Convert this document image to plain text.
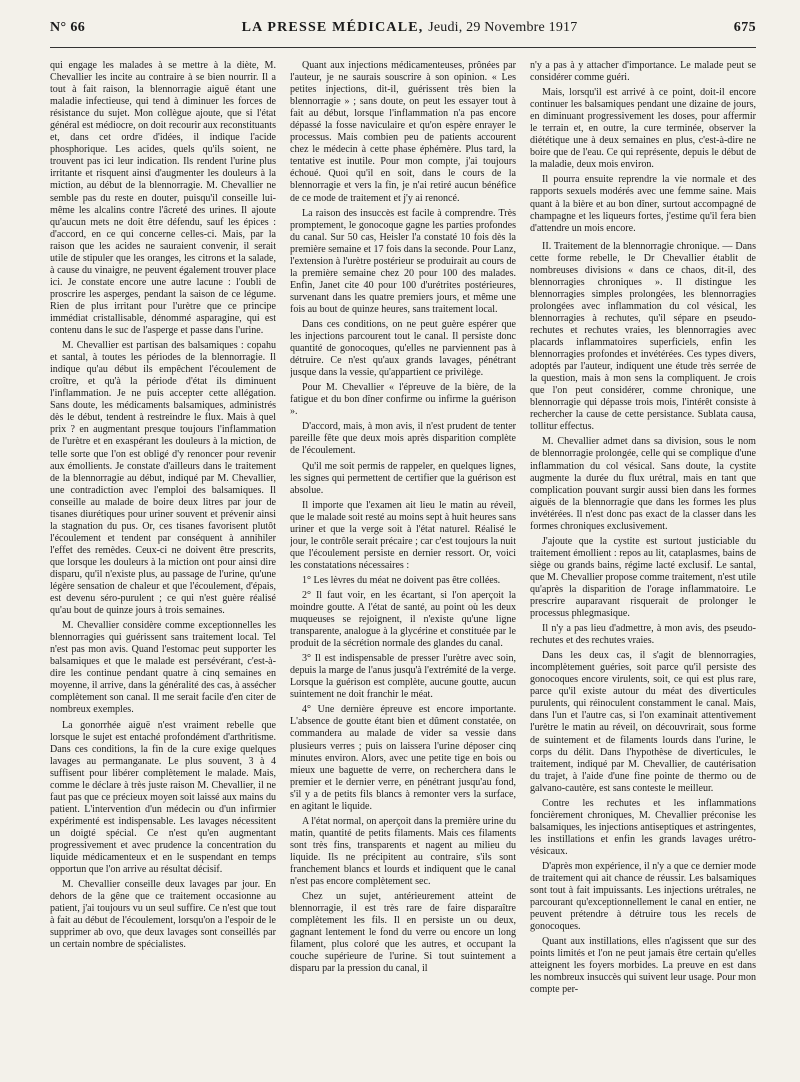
N° 66	LA PRESSE MÉDICALE, Jeudi, 29 Novembre 1917	675

qui engage les malades à se mettre à la diète, M. Chevallier les incite au contraire à se bien nourrir. Il a tout à fait raison, la blennorragie aiguë étant une maladie infectieuse, qui tend à diminuer les forces de résistance du sujet. Mon collègue ajoute, que si l'état général est médiocre, on doit recourir aux reconstituants et, dans cet ordre d'idées, il indique l'acide phosphorique. Les acides, quels qu'ils soient, ne trouvent pas ici leur indication. Ils rendent l'urine plus irritante et risquent ainsi d'augmenter les douleurs à la miction, au début de la blennorragie. M. Chevallier ne semble pas du reste en douter, puisqu'il conseille lui-même les alcalins contre l'âcreté des urines. Il ajoute qu'aucun mets ne doit être défendu, sauf les épices : d'accord, en ce qui concerne celles-ci. Mais, par la raison que les acides ne sauraient convenir, il serait utile de stipuler que les oranges, les citrons et la salade, à cause du vinaigre, ne peuvent également trouver place ici. Je constate encore une autre lacune : l'oubli de proscrire les asperges, pendant la saison de ce légume. Rien de plus irritant pour l'urètre que ce principe immédiat cristallisable, dénommé asparagine, qui est contenu dans le suc de l'asperge et passe dans l'urine.

M. Chevallier est partisan des balsamiques : copahu et santal, à toutes les périodes de la blennorragie. Il indique qu'au début ils empêchent l'écoulement de croître, et qu'à la période d'état ils diminuent l'inflammation. Je ne puis accepter cette allégation. Sans doute, les médicaments balsamiques, administrés dès le début, tendent à restreindre le flux. Mais à quel prix ? en augmentant presque toujours l'inflammation de l'urètre et en exaspérant les douleurs à la miction, de telle sorte que l'on est obligé d'y renoncer pour revenir aux émollients. Je constate d'ailleurs dans le traitement de la blennorragie au début, indiqué par M. Chevallier, une contradiction avec l'emploi des balsamiques. Il conseille au malade de boire deux litres par jour de tisanes diurétiques pour uriner souvent et prévenir ainsi la stagnation du pus. Or, ces tisanes favorisent plutôt l'écoulement et tendent par conséquent à annihiler l'effet des remèdes. Ceux-ci ne doivent être prescrits, que lorsque les douleurs à la miction ont pour ainsi dire disparu, qu'il n'existe plus, au passage de l'urine, qu'une légère sensation de chaleur et que l'écoulement, d'épais, est devenu séro-purulent ; ce qui n'est guère réalisé qu'au bout de quinze jours à trois semaines.

M. Chevallier considère comme exceptionnelles les blennorragies qui guérissent sans traitement local. Tel n'est pas mon avis. Quand l'estomac peut supporter les balsamiques et que le malade est persévérant, c'est-à-dire les continue pendant quatre à cinq semaines en moyenne, il arrive, dans la généralité des cas, à assécher complètement son canal. Il me serait facile d'en citer de nombreux exemples.

La gonorrhée aiguë n'est vraiment rebelle que lorsque le sujet est entaché profondément d'arthritisme. Dans ces conditions, la fin de la cure exige quelques lavages au permanganate. Le plus souvent, 3 à 4 suffisent pour libérer complètement le malade. Mais, comme le déclare à très juste raison M. Chevallier, il ne faut pas que ce précieux moyen soit laissé aux mains du patient. L'intervention d'un médecin ou d'un infirmier expérimenté est indispensable. Les lavages nécessitent un doigté spécial. Ce n'est qu'en augmentant progressivement et avec prudence la concentration du liquide médicamenteux et en le suspendant en temps opportun que l'on arrive au résultat décisif.

M. Chevallier conseille deux lavages par jour. En dehors de la gêne que ce traitement occasionne au patient, j'ai toujours vu un seul suffire. Ce n'est que tout à fait au début de l'écoulement, lorsqu'on a l'espoir de le supprimer ab ovo, que deux lavages sont conseillés par un certain nombre de spécialistes.

Quant aux injections médicamenteuses, prônées par l'auteur, je ne saurais souscrire à son opinion. « Les petites injections, dit-il, guérissent très bien la blennorragie » ; sans doute, on peut les essayer tout à fait au début, lorsque l'inflammation n'a pas encore dépassé la fosse naviculaire et qu'on espère enrayer le processus. Mais combien peu de patients accourent chez le médecin à cette phase éphémère. Plus tard, la tentative est inutile. Pour mon compte, j'ai toujours échoué. Quoi qu'il en soit, dans le cours de la blennorragie et vers la fin, je n'ai retiré aucun bénéfice de ce mode de traitement et j'y ai renoncé.

La raison des insuccès est facile à comprendre. Très promptement, le gonocoque gagne les parties profondes du canal. Sur 50 cas, Heisler l'a constaté 10 fois dès la première semaine et 17 fois dans la seconde. Pour Lanz, l'extension à l'urètre postérieur se produirait au cours de la première semaine chez 20 pour 100 des malades. Enfin, Janet cite 40 pour 100 d'urétrites postérieures, survenant dans les quatre premiers jours, et même une fois au bout de quinze heures, sans traitement local.

Dans ces conditions, on ne peut guère espérer que les injections parcourent tout le canal. Il persiste donc quantité de gonocoques, qu'elles ne parviennent pas à détruire. Ce n'est qu'aux grands lavages, pénétrant jusque dans la vessie, qu'appartient ce privilège.

Pour M. Chevallier « l'épreuve de la bière, de la fatigue et du bon dîner confirme ou infirme la guérison ».

D'accord, mais, à mon avis, il n'est prudent de tenter pareille fête que deux mois après disparition complète de l'écoulement.

Qu'il me soit permis de rappeler, en quelques lignes, les signes qui permettent de certifier que la guérison est absolue.

Il importe que l'examen ait lieu le matin au réveil, que le malade soit resté au moins sept à huit heures sans uriner et que la verge soit à l'état naturel. Réalisé le jour, le contrôle serait précaire ; car c'est toujours la nuit que l'écoulement persiste en dernier ressort. Or, voici les constatations nécessaires :

1° Les lèvres du méat ne doivent pas être collées.

2° Il faut voir, en les écartant, si l'on aperçoit la moindre goutte. A l'état de santé, au point où les deux muqueuses se rejoignent, il n'existe qu'une ligne transparente, analogue à la glycérine et constituée par le produit de la sécrétion normale des glandes du canal.

3° Il est indispensable de presser l'urètre avec soin, depuis la marge de l'anus jusqu'à l'extrémité de la verge. Lorsque la guérison est complète, aucune goutte, aucun suintement ne doit franchir le méat.

4° Une dernière épreuve est encore importante. L'absence de goutte étant bien et dûment constatée, on commandera au malade de vider sa vessie dans plusieurs verres ; puis on laissera l'urine déposer cinq minutes environ. Alors, avec une petite tige en bois ou mieux une baguette de verre, on recherchera dans le premier et le dernier verre, en pénétrant jusqu'au fond, s'il y a de petits fils blancs à remonter vers la surface, en agitant le liquide.

A l'état normal, on aperçoit dans la première urine du matin, quantité de petits filaments. Mais ces filaments sont très fins, transparents et nagent au milieu du liquide. Ils ne précipitent au contraire, s'ils sont franchement blancs et lourds et indiquent que le canal n'est pas encore complètement sec.

Chez un sujet, antérieurement atteint de blennorragie, il est très rare de faire disparaître complètement les fils. Il en persiste un ou deux, gagnant lentement le fond du verre ou encore un long filament, plus coloré que les autres, et occupant la couche supérieure de l'urine. Si tout suintement a disparu par la pression du canal, il

n'y a pas à y attacher d'importance. Le malade peut se considérer comme guéri.

Mais, lorsqu'il est arrivé à ce point, doit-il encore continuer les balsamiques pendant une dizaine de jours, en diminuant progressivement les doses, pour affermir le terrain et, en outre, la cure terminée, observer la diététique une à deux semaines en plus, c'est-à-dire ne boire que de l'eau. Ce qui représente, depuis le début de la maladie, deux mois environ.

Il pourra ensuite reprendre la vie normale et des rapports sexuels modérés avec une femme saine. Mais quant à la bière et au bon dîner, surtout accompagné de champagne et les liqueurs fortes, j'estime qu'il fera bien d'attendre un mois encore.

II. Traitement de la blennorragie chronique. — Dans cette forme rebelle, le Dr Chevallier établit de nombreuses divisions « dans ce chaos, dit-il, des blennorragies chroniques ». Il distingue les blennorragies simples prolongées, les blennorragies prolongées avec inflammation du col vésical, les blennorragies à rechutes, qu'il sépare en pseudo-rechutes et rechutes vraies, les blennorragies avec placards inflammatoires superficiels, enfin les blennorragies profondes et invétérées. Ces types divers, adoptés par l'auteur, indiquent une étude très serrée de la question, mais à mon sens la compliquent. Je crois que l'on peut considérer, comme chronique, une blennorragie qui dépasse trois mois, l'intérêt consiste à rechercher la cause de cette persistance. Sublata causa, tollitur effectus.

M. Chevallier admet dans sa division, sous le nom de blennorragie prolongée, celle qui se complique d'une inflammation du col vésical. Sans doute, la cystite augmente la durée du flux urétral, mais en tant que complication pouvant surgir aussi bien dans les formes aiguës de la blennorragie que dans les formes les plus invétérées. Il n'est donc pas exact de la classer dans les formes chroniques exclusivement.

J'ajoute que la cystite est surtout justiciable du traitement émollient : repos au lit, cataplasmes, bains de siège ou grands bains, régime lacté exclusif. Le santal, que M. Chevallier propose comme traitement, n'est utile qu'après la disparition de l'orage inflammatoire. Le prescrire auparavant risquerait de prolonger le processus phlegmasique.

Il n'y a pas lieu d'admettre, à mon avis, des pseudo-rechutes et des rechutes vraies.

Dans les deux cas, il s'agit de blennorragies, incomplètement guéries, soit parce qu'il persiste des gonocoques encore virulents, soit, ce qui est plus rare, parce qu'il existe autour du méat des diverticules purulents, qui réinoculent constamment le canal. Mais, dans l'un et l'autre cas, si l'on examinait attentivement l'urètre le matin au réveil, on découvrirait, sous forme de suintement et de filaments lourds dans l'urine, le corps du délit. Dans l'hypothèse de diverticules, le traitement, indiqué par M. Chevallier, de cautérisation du trajet, à l'aide d'une fine pointe de thermo ou de galvano-cautère, est sans conteste le meilleur.

Contre les rechutes et les inflammations foncièrement chroniques, M. Chevallier préconise les balsamiques, les injections antiseptiques et astringentes, les instillations et enfin les grands lavages urétro-vésicaux.

D'après mon expérience, il n'y a que ce dernier mode de traitement qui ait chance de réussir. Les balsamiques sont tout à fait impuissants. Les injections urétrales, ne parcourant qu'exceptionnellement le canal en entier, ne peuvent prétendre à détruire tous les recels de gonocoques.

Quant aux instillations, elles n'agissent que sur des points limités et l'on ne peut jamais être certain qu'elles atteignent les foyers morbides. La preuve en est dans les nombreux insuccès qui suivent leur usage. Pour mon compte per-
